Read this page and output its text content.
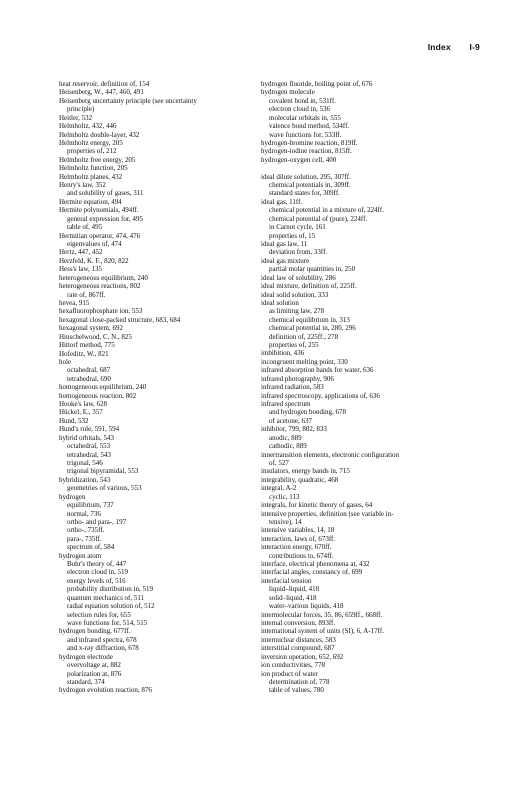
Index I-9
heat reservoir, definition of, 154
Heisenberg, W., 447, 460, 491
Heisenberg uncertainty principle (see uncertainty
principle)
Heitler, 532
Helmholtz, 432, 446
Helmholtz double-layer, 432
Helmholtz energy, 205
properties of, 212
Helmholtz free energy, 205
Helmholtz function, 205
Helmholtz planes, 432
Henry's law, 352
and solubility of gases, 311
Hermite equation, 494
Hermite polynomials, 494ff.
general expression for, 495
table of, 495
Hermitian operator, 474, 476
eigenvalues of, 474
Hertz, 447, 452
Herzfeld, K. F., 820, 822
Hess's law, 135
heterogeneous equilibrium, 240
heterogeneous reactions, 802
rate of, 867ff.
hevea, 915
hexafluorophosphate ion, 553
hexagonal close-packed structure, 683, 684
hexagonal system, 692
Hinschelwood, C. N., 825
Hittorf method, 775
Hofeditz, W., 821
hole
octahedral, 687
tetrahedral, 690
homogeneous equilibrium, 240
homogeneous reaction, 802
Hooke's law, 628
Hückel, E., 357
Hund, 532
Hund's rule, 591, 594
hybrid orbitals, 543
octahedral, 553
tetrahedral, 543
trigonal, 546
trigonal bipyramidal, 553
hybridization, 543
geometries of various, 553
hydrogen
equilibrium, 737
normal, 736
ortho- and para-, 197
ortho-, 735ff.
para-, 735ff.
spectrum of, 584
hydrogen atom
Bohr's theory of, 447
electron cloud in, 519
energy levels of, 516
probability distribution in, 519
quantum mechanics of, 511
radial equation solution of, 512
selection rules for, 655
wave functions for, 514, 515
hydrogen bonding, 677ff.
and infrared spectra, 678
and x-ray diffraction, 678
hydrogen electrode
overvoltage at, 882
polarization at, 876
standard, 374
hydrogen evolution reaction, 876
hydrogen fluoride, boiling point of, 676
hydrogen molecule
covalent bond in, 531ff.
electron cloud in, 536
molecular orbitals in, 555
valence bond method, 534ff.
wave functions for, 533ff.
hydrogen-bromine reaction, 819ff.
hydrogen-iodine reaction, 815ff.
hydrogen-oxygen cell, 400
ideal dilute solution, 295, 307ff.
chemical potentials in, 309ff.
standard states for, 309ff.
ideal gas, 11ff.
chemical potential in a mixture of, 224ff.
chemical potential of (pure), 224ff.
in Carnot cycle, 161
properties of, 15
ideal gas law, 11
deviation from, 33ff.
ideal gas mixture
partial molar quantities in, 250
ideal law of solubility, 286
ideal mixture, definition of, 225ff.
ideal solid solution, 333
ideal solution
as limiting law, 278
chemical equilibrium in, 313
chemical potential in, 280, 296
definition of, 225ff., 278
properties of, 255
imbibition, 436
incongruent melting point, 330
infrared absorption bands for water, 636
infrared photography, 906
infrared radiation, 583
infrared spectroscopy, applications of, 636
infrared spectrum
and hydrogen bonding, 678
of acetone, 637
inhibitor, 799, 802, 833
anodic, 889
cathodic, 889
innertransition elements, electronic configuration
of, 527
insulators, energy bands in, 715
integrability, quadratic, 468
integral, A-2
cyclic, 113
integrals, for kinetic theory of gases, 64
intensive properties, definition (see variable in-
tensive), 14
intensive variables, 14, 18
interaction, laws of, 673ff.
interaction energy, 670ff.
contributions to, 674ff.
interface, electrical phenomena at, 432
interfacial angles, constancy of, 699
interfacial tension
liquid–liquid, 418
solid–liquid, 418
water–various liquids, 418
intermolecular forces, 35, 86, 659ff., 668ff.
internal conversion, 893ff.
international system of units (SI), 6, A-17ff.
internuclear distances, 583
interstitial compound, 687
inversion operation, 652, 692
ion conductivities, 778
ion product of water
determination of, 778
table of values, 780
